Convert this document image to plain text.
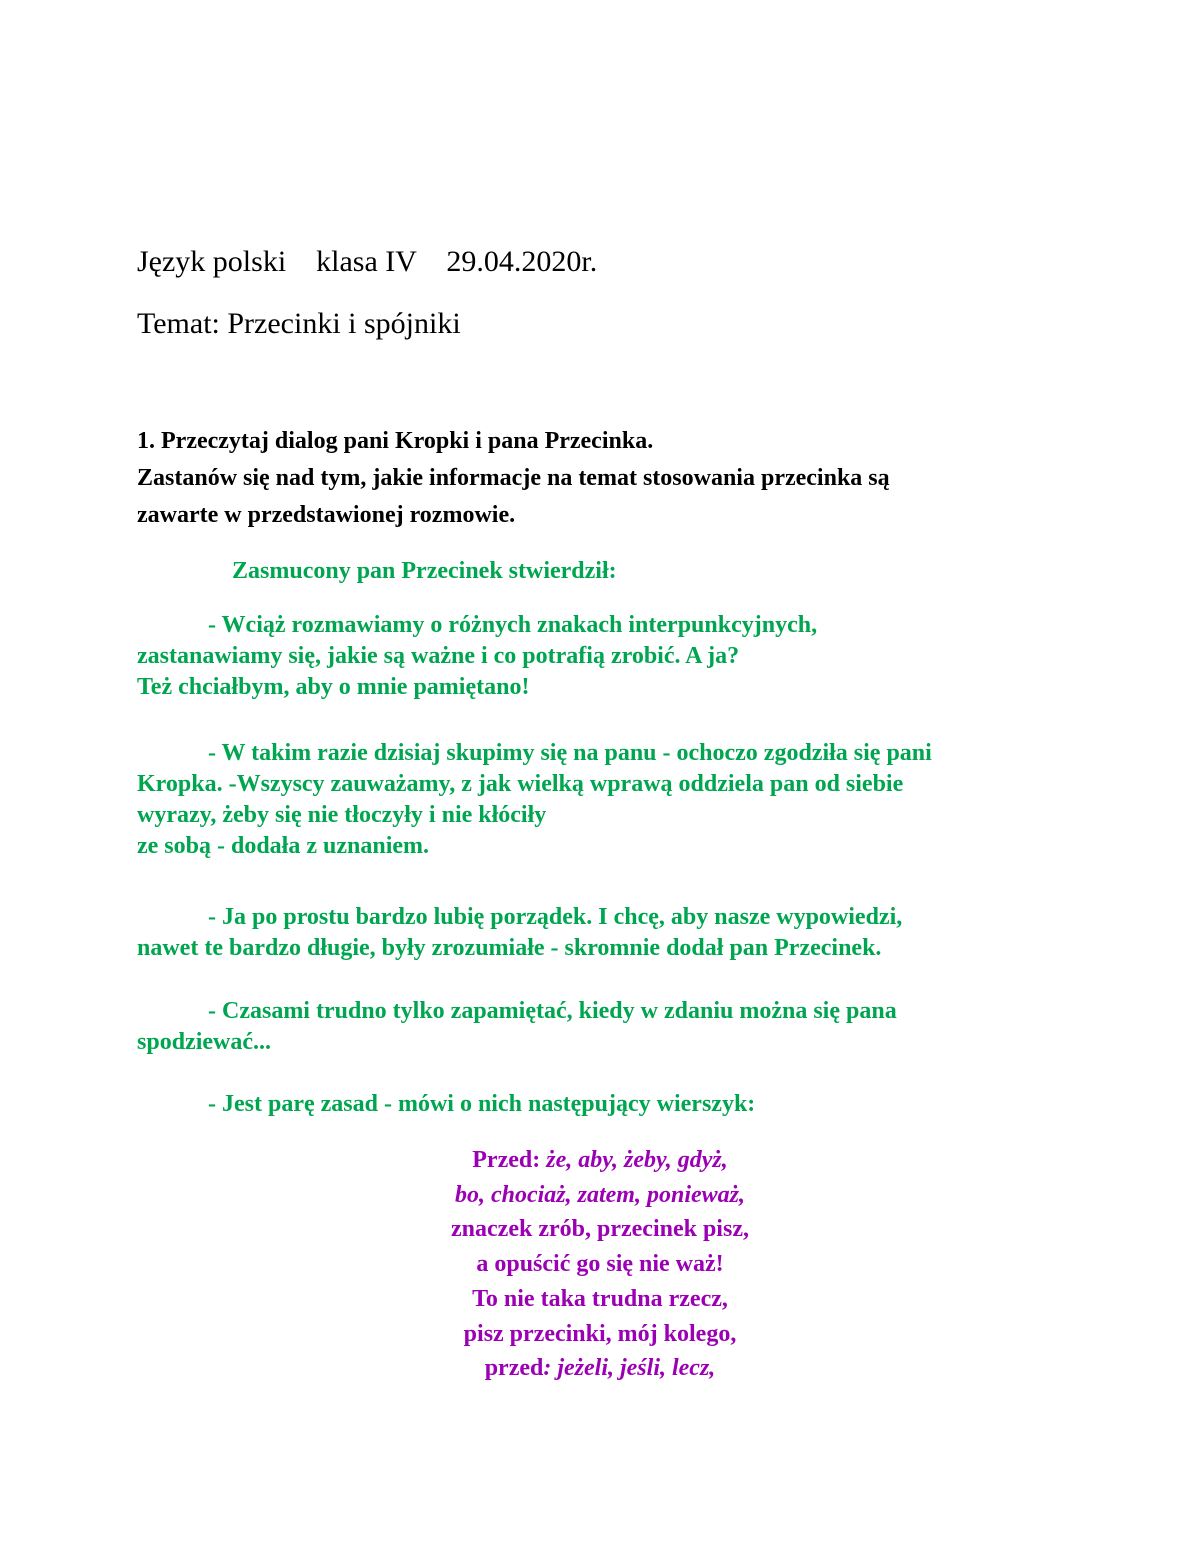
Język polski klasa IV 29.04.2020r.
Temat: Przecinki i spójniki
1. Przeczytaj dialog pani Kropki i pana Przecinka.
Zastanów się nad tym, jakie informacje na temat stosowania przecinka są
zawarte w przedstawionej rozmowie.
Zasmucony pan Przecinek stwierdził:
- Wciąż rozmawiamy o różnych znakach interpunkcyjnych,
zastanawiamy się, jakie są ważne i co potrafią zrobić. A ja?
Też chciałbym, aby o mnie pamiętano!
- W takim razie dzisiaj skupimy się na panu - ochoczo zgodziła się pani
Kropka. -Wszyscy zauważamy, z jak wielką wprawą oddziela pan od siebie
wyrazy, żeby się nie tłoczyły i nie kłóciły
ze sobą - dodała z uznaniem.
- Ja po prostu bardzo lubię porządek. I chcę, aby nasze wypowiedzi,
nawet te bardzo długie, były zrozumiałe - skromnie dodał pan Przecinek.
- Czasami trudno tylko zapamiętać, kiedy w zdaniu można się pana
spodziewać...
- Jest parę zasad - mówi o nich następujący wierszyk:
Przed: że, aby, żeby, gdyż,
bo, chociaż, zatem, ponieważ,
znaczek zrób, przecinek pisz,
a opuścić go się nie waż!
To nie taka trudna rzecz,
pisz przecinki, mój kolego,
przed: jeżeli, jeśli, lecz,
